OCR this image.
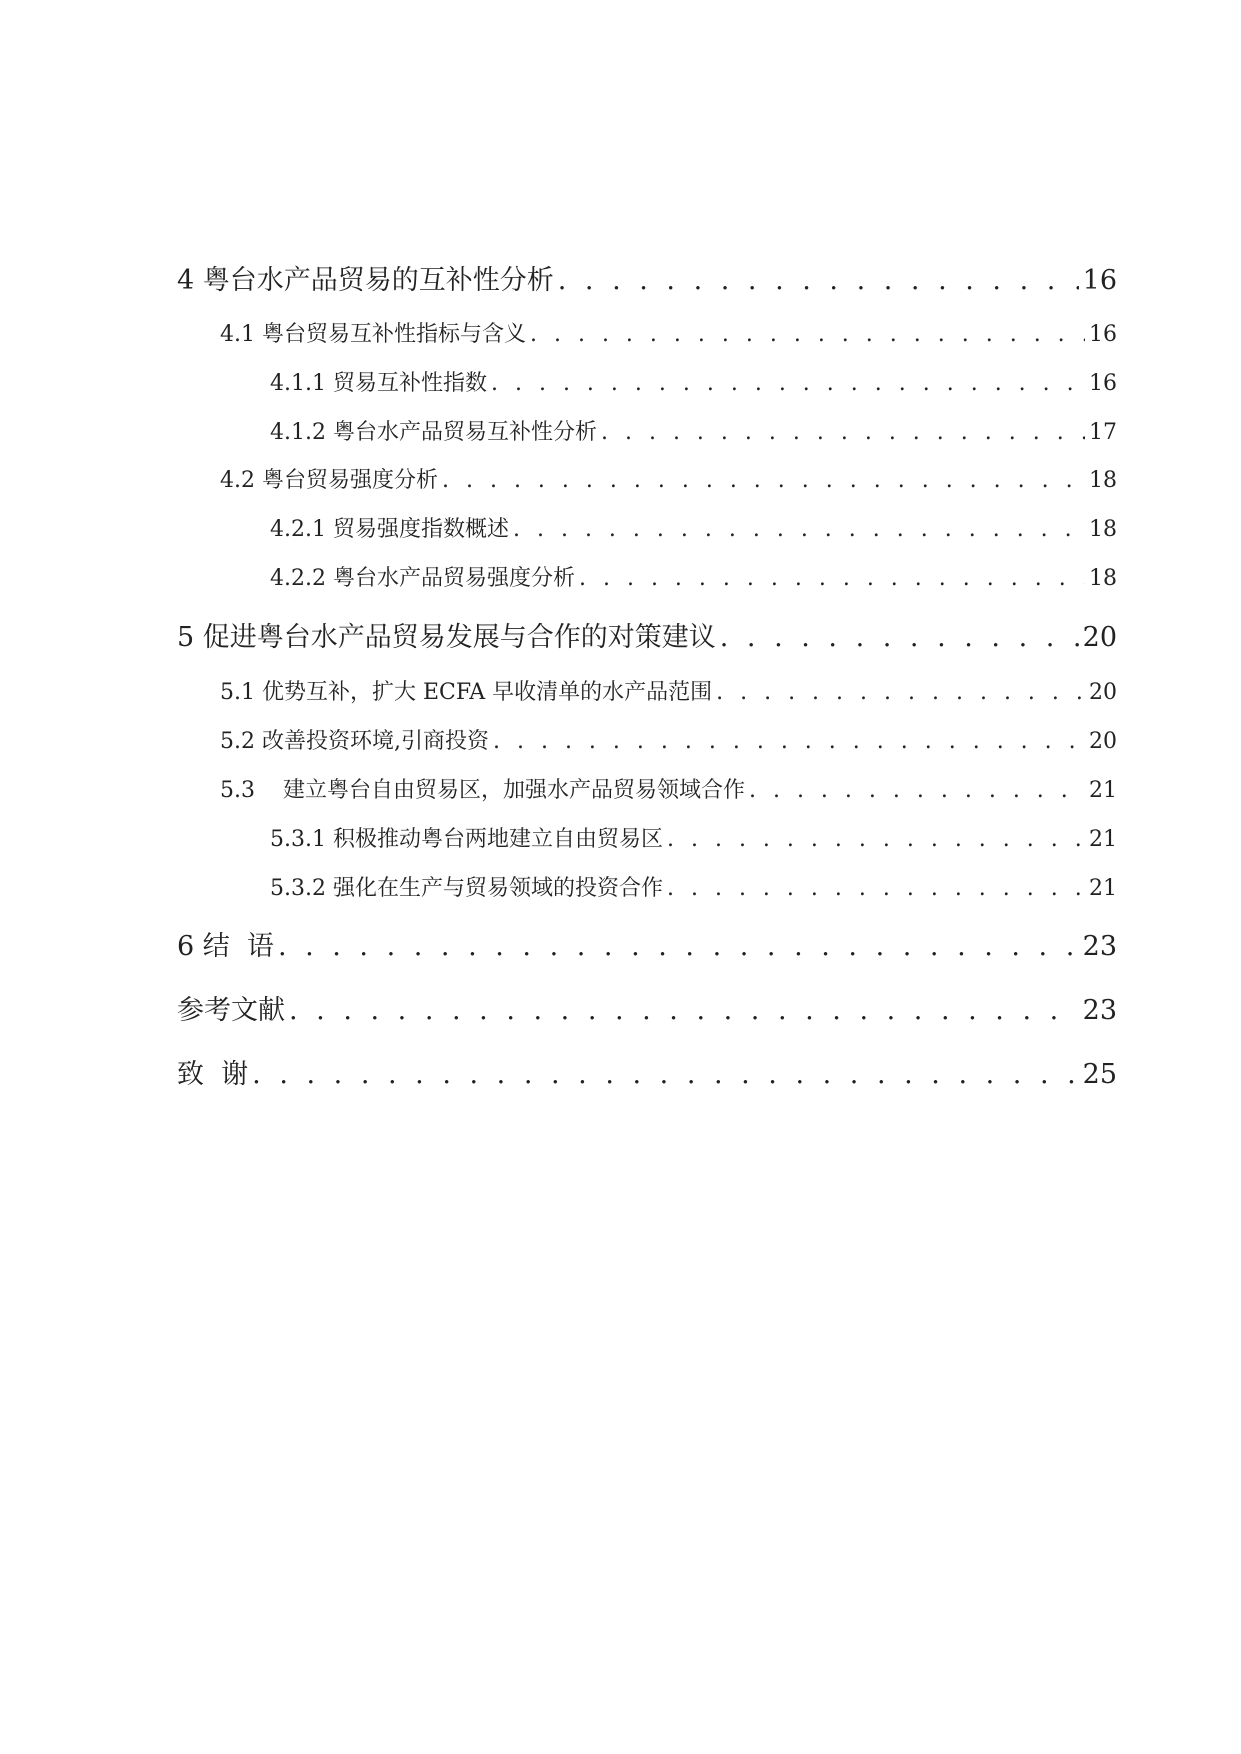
4 粤台水产品贸易的互补性分析 . . .	16
4.1 粤台贸易互补性指标与含义 . . .	16
4.1.1 贸易互补性指数 . . .	16
4.1.2 粤台水产品贸易互补性分析 . . .	17
4.2 粤台贸易强度分析 . . .	18
4.2.1 贸易强度指数概述 . . .	18
4.2.2 粤台水产品贸易强度分析 . . .	18
5 促进粤台水产品贸易发展与合作的对策建议 . . .	20
5.1 优势互补，扩大 ECFA 早收清单的水产品范围 . . .	20
5.2 改善投资环境,引商投资 . . .	20
5.3    建立粤台自由贸易区，加强水产品贸易领域合作 . . .	21
5.3.1 积极推动粤台两地建立自由贸易区 . . .	21
5.3.2 强化在生产与贸易领域的投资合作 . . .	21
6 结  语 . . .	23
参考文献 . . .	23
致  谢 . . .	25
